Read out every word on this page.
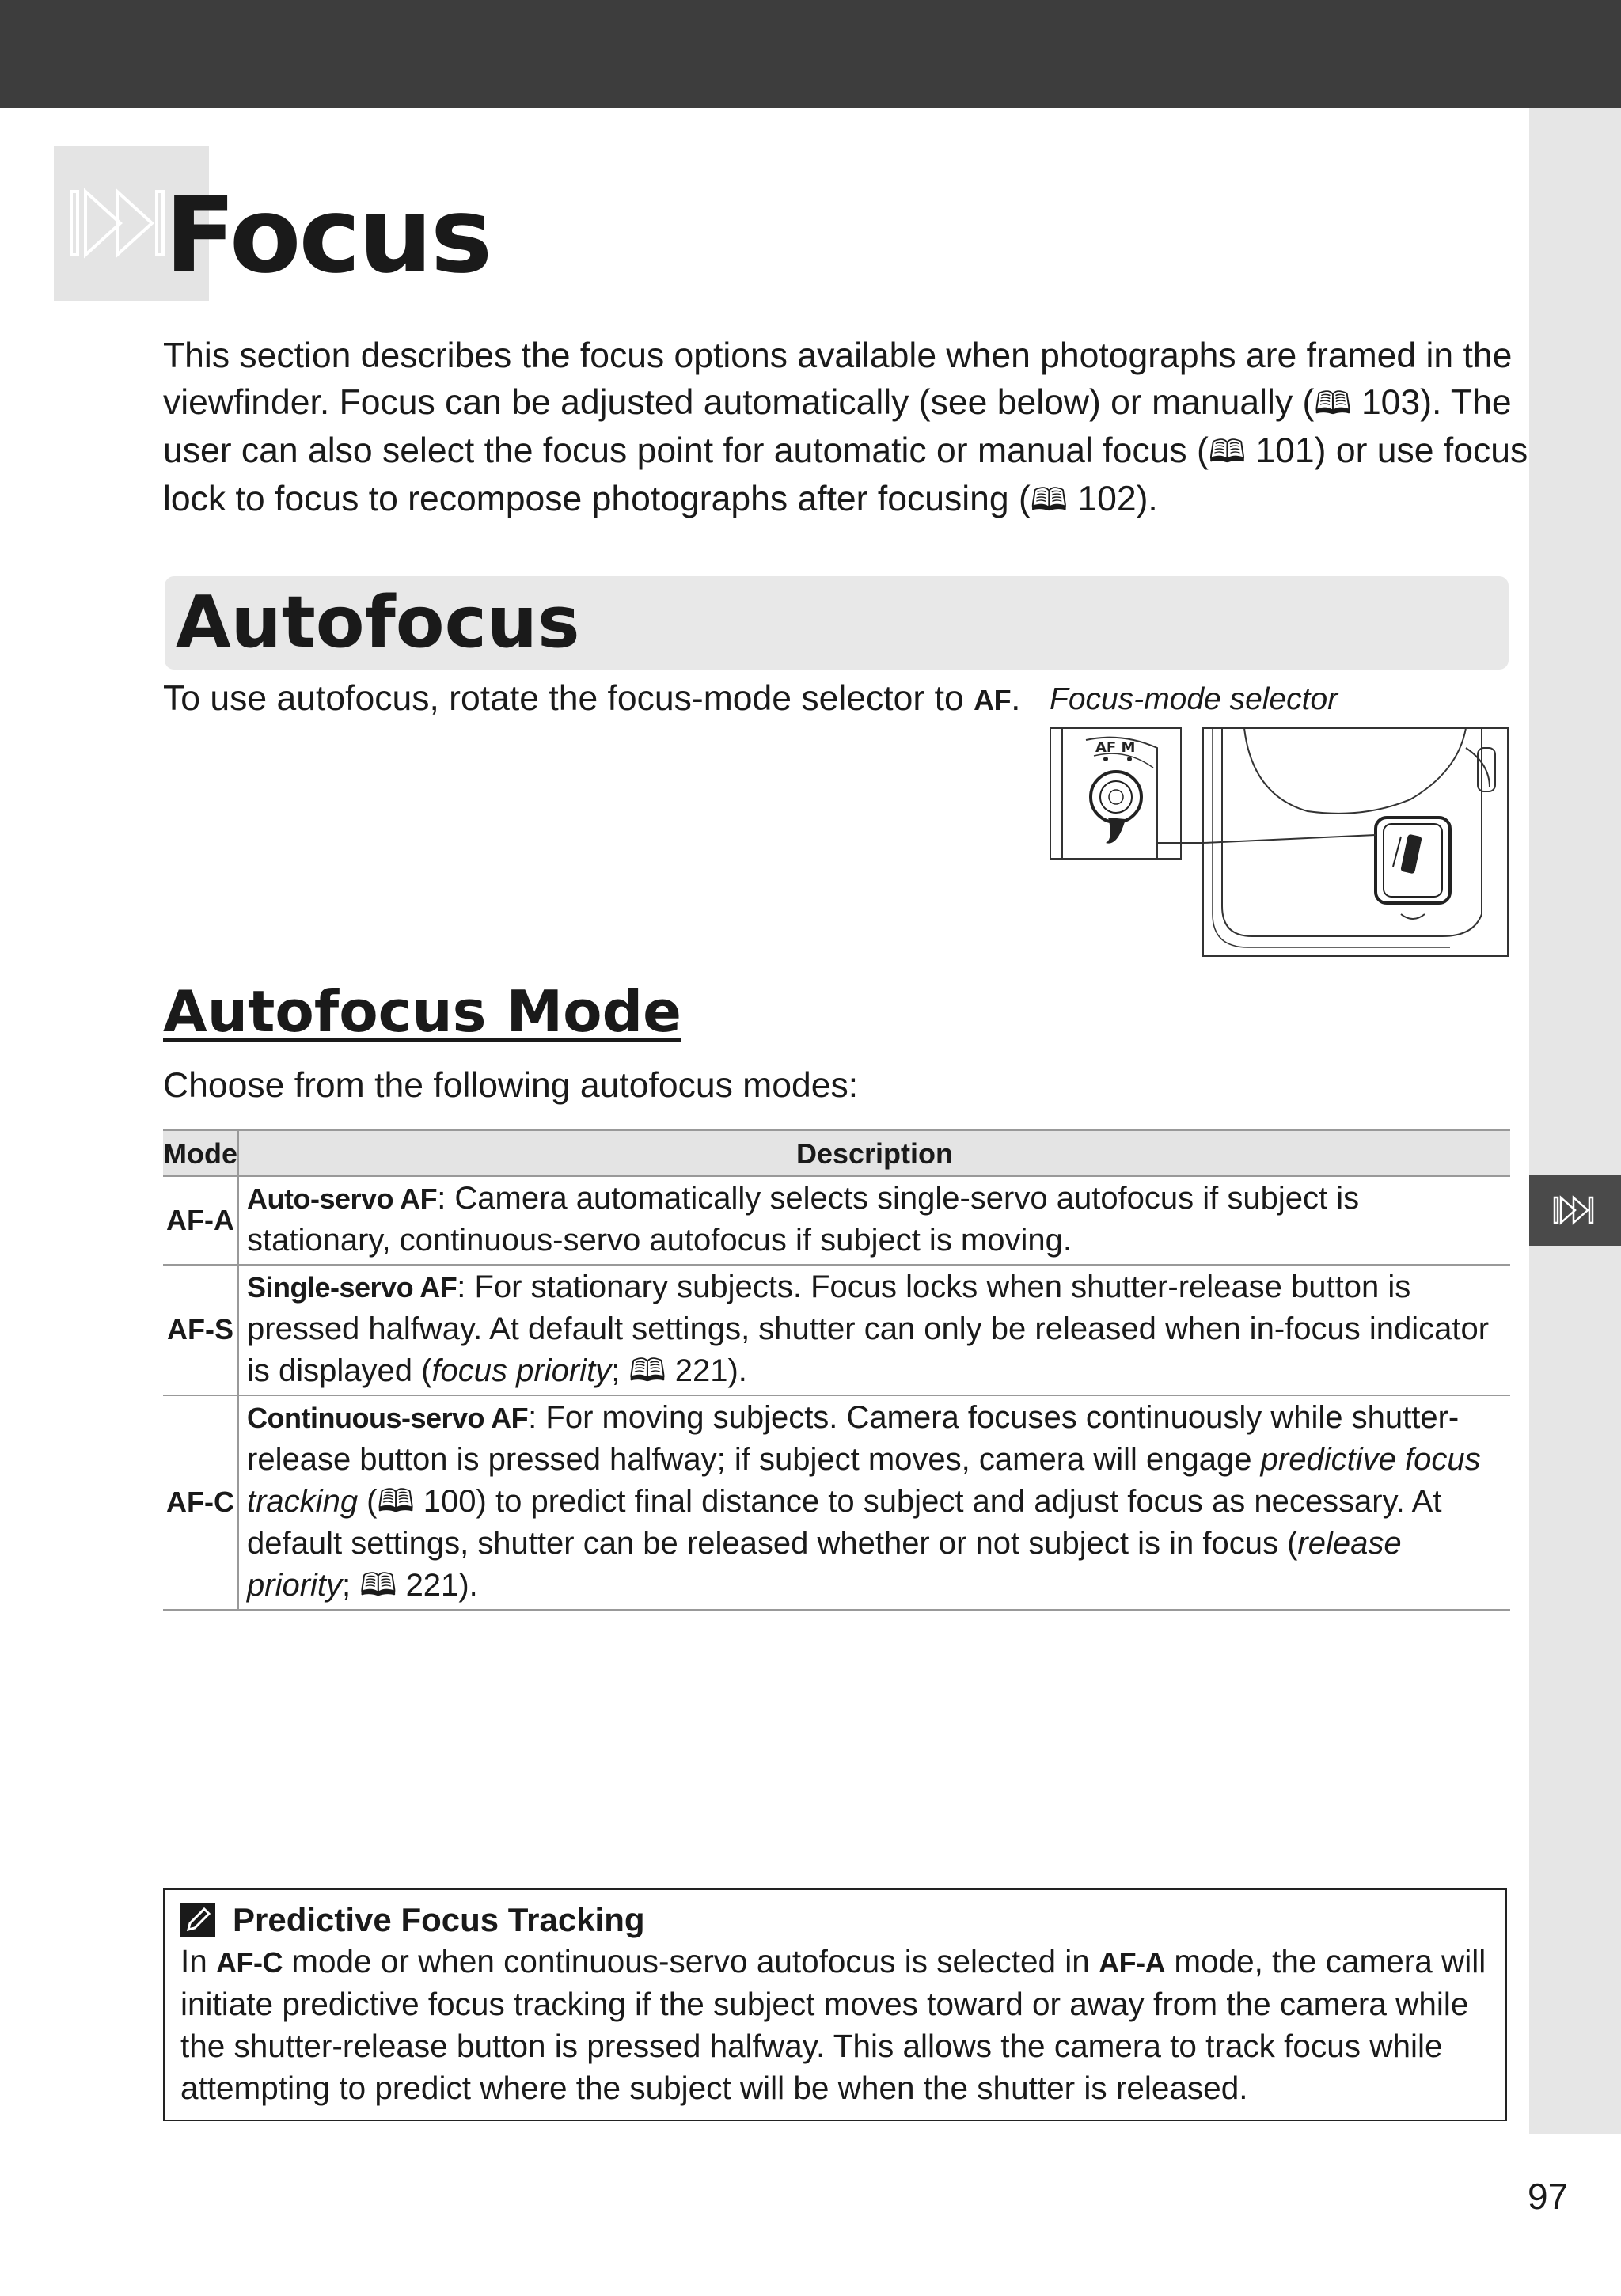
Focus
This section describes the focus options available when photographs are framed in the viewfinder. Focus can be adjusted automatically (see below) or manually (🕮 103). The user can also select the focus point for automatic or manual focus (🕮 101) or use focus lock to focus to recompose photographs after focusing (🕮 102).
Autofocus
To use autofocus, rotate the focus-mode selector to AF. Focus-mode selector
AF M
Autofocus Mode
Choose from the following autofocus modes:
Mode	Description
AF-A	Auto-servo AF: Camera automatically selects single-servo autofocus if subject is stationary, continuous-servo autofocus if subject is moving.
AF-S	Single-servo AF: For stationary subjects. Focus locks when shutter-release button is pressed halfway. At default settings, shutter can only be released when in-focus indicator is displayed (focus priority; 🕮 221).
AF-C	Continuous-servo AF: For moving subjects. Camera focuses continuously while shutter-release button is pressed halfway; if subject moves, camera will engage predictive focus tracking (🕮 100) to predict final distance to subject and adjust focus as necessary. At default settings, shutter can be released whether or not subject is in focus (release priority; 🕮 221).
Predictive Focus Tracking
In AF-C mode or when continuous-servo autofocus is selected in AF-A mode, the camera will initiate predictive focus tracking if the subject moves toward or away from the camera while the shutter-release button is pressed halfway. This allows the camera to track focus while attempting to predict where the subject will be when the shutter is released.
97
